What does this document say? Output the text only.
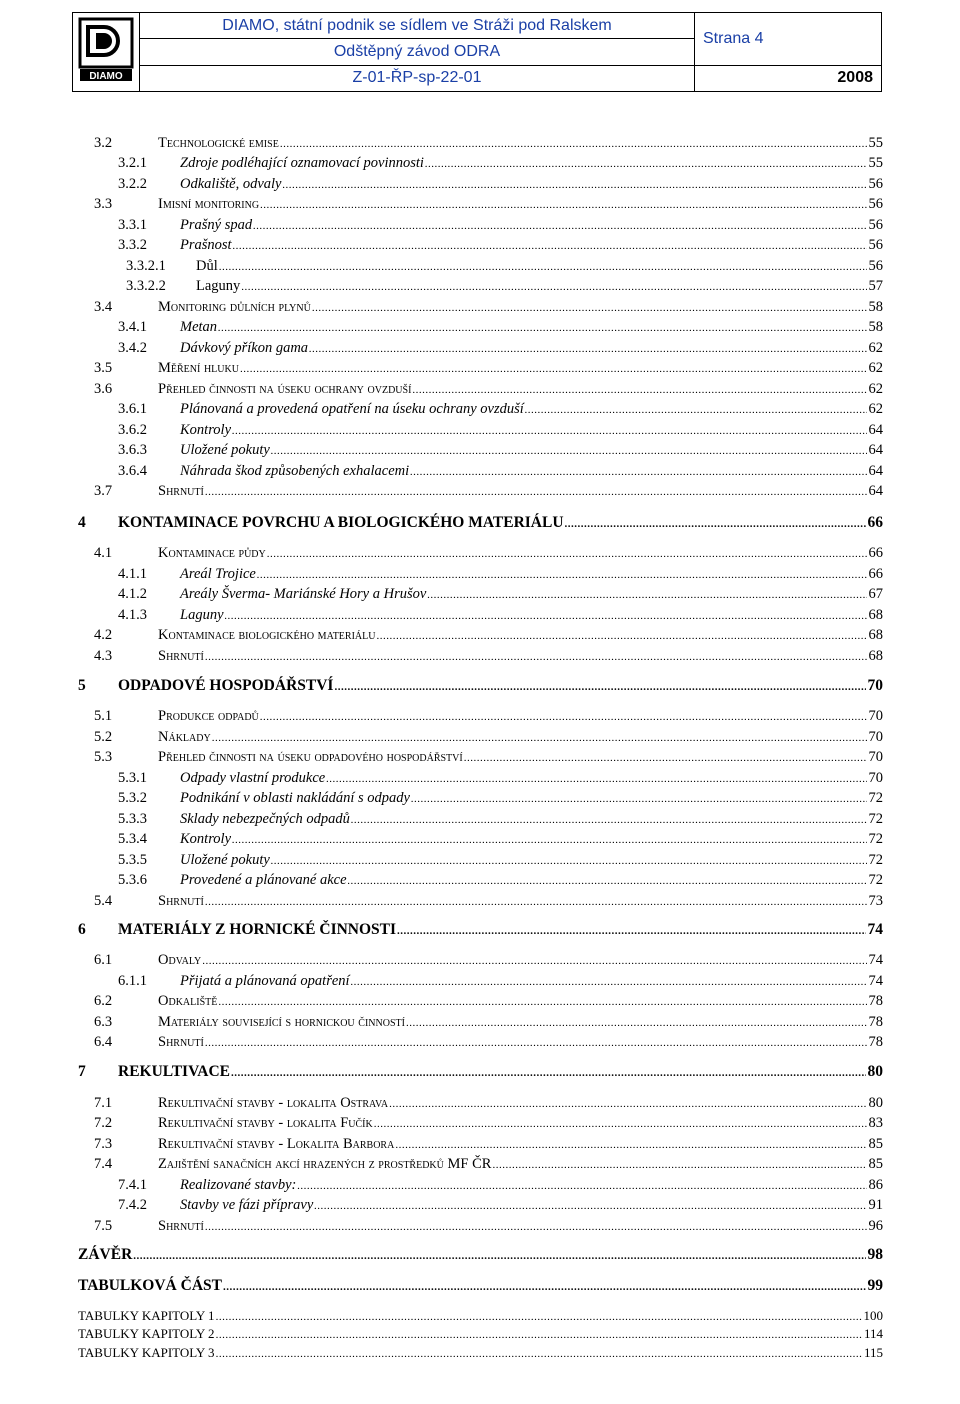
DIAMO	DIAMO, státní podnik se sídlem ve Stráži pod Ralskem	Strana 4
	Odštěpný závod ODRA	
	Z-01-ŘP-sp-22-01	2008
3.2	Technologické emise .....	55
3.2.1 Zdroje podléhající oznamovací povinnosti .....	55
3.2.2 Odkaliště, odvaly .....	56
3.3	Imisní monitoring .....	56
3.3.1 Prašný spad .....	56
3.3.2 Prašnost .....	56
3.3.2.1 Důl .....	56
3.3.2.2 Laguny .....	57
3.4	Monitoring důlních plynů .....	58
3.4.1 Metan .....	58
3.4.2 Dávkový příkon gama .....	62
3.5	Měření hluku .....	62
3.6	Přehled činnosti na úseku ochrany ovzduší .....	62
3.6.1 Plánovaná a provedená opatření na úseku ochrany ovzduší .....	62
3.6.2 Kontroly .....	64
3.6.3 Uložené pokuty .....	64
3.6.4 Náhrada škod způsobených exhalacemi .....	64
3.7	Shrnutí .....	64
4 KONTAMINACE POVRCHU A BIOLOGICKÉHO MATERIÁLU .....	66
4.1	Kontaminace půdy .....	66
4.1.1 Areál Trojice .....	66
4.1.2 Areály Šverma- Mariánské Hory a Hrušov .....	67
4.1.3 Laguny .....	68
4.2	Kontaminace biologického materiálu .....	68
4.3	Shrnutí .....	68
5 ODPADOVÉ HOSPODÁŘSTVÍ .....	70
5.1	Produkce odpadů .....	70
5.2	Náklady .....	70
5.3	Přehled činnosti na úseku odpadového hospodářství .....	70
5.3.1 Odpady vlastní produkce .....	70
5.3.2 Podnikání v oblasti nakládání s odpady .....	72
5.3.3 Sklady nebezpečných odpadů .....	72
5.3.4 Kontroly .....	72
5.3.5 Uložené pokuty .....	72
5.3.6 Provedené a plánované akce .....	72
5.4	Shrnutí .....	73
6 MATERIÁLY Z HORNICKÉ ČINNOSTI .....	74
6.1	Odvaly .....	74
6.1.1 Přijatá a plánovaná opatření .....	74
6.2	Odkaliště .....	78
6.3	Materiály související s hornickou činností .....	78
6.4	Shrnutí .....	78
7 REKULTIVACE .....	80
7.1	Rekultivační stavby - lokalita Ostrava .....	80
7.2	Rekultivační stavby - lokalita Fučík .....	83
7.3	Rekultivační stavby - Lokalita Barbora .....	85
7.4	Zajištění sanačních akcí hrazených z prostředků MF ČR .....	85
7.4.1 Realizované stavby: .....	86
7.4.2 Stavby ve fázi přípravy .....	91
7.5	Shrnutí .....	96
ZÁVĚR .....	98
TABULKOVÁ ČÁST .....	99
TABULKY KAPITOLY 1 .....	100
TABULKY KAPITOLY 2 .....	114
TABULKY KAPITOLY 3 .....	115
